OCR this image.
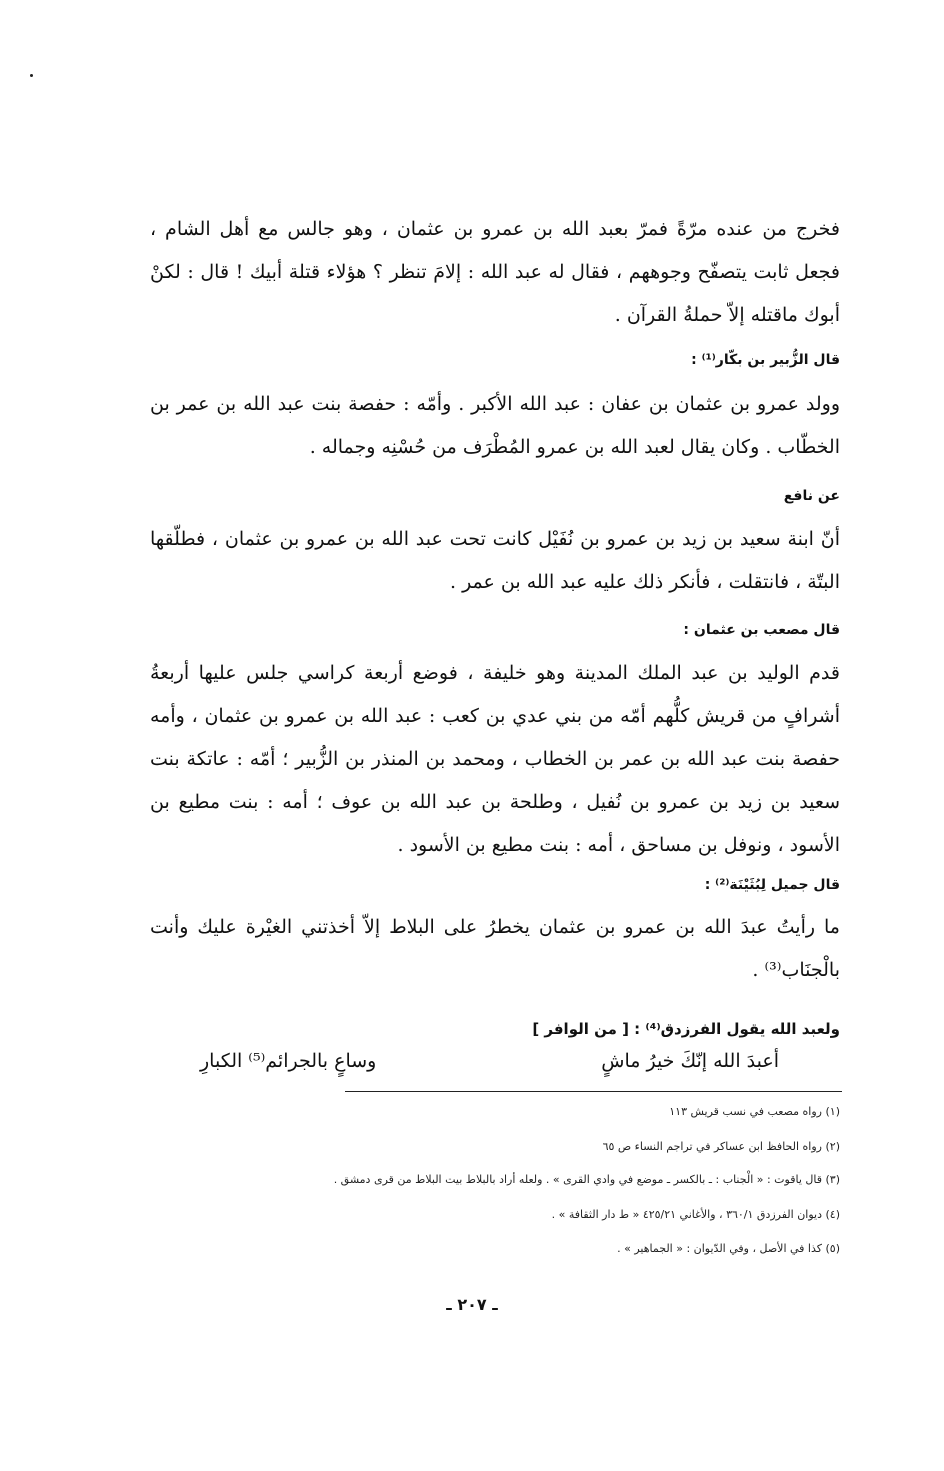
فخرج من عنده مرّةً فمرّ بعبد الله بن عمرو بن عثمان ، وهو جالس مع أهل الشام ، فجعل ثابت يتصفّح وجوههم ، فقال له عبد الله : إلامَ تنظر ؟ هؤلاء قتلة أبيك ! قال : لكنْ أبوك ماقتله إلاّ حملةُ القرآن .

قال الزُّبير بن بكّار⁽¹⁾ :

وولد عمرو بن عثمان بن عفان : عبد الله الأكبر . وأمّه : حفصة بنت عبد الله بن عمر بن الخطّاب . وكان يقال لعبد الله بن عمرو المُطْرَف من حُسْنِه وجماله .

عن نافع

أنّ ابنة سعيد بن زيد بن عمرو بن نُفَيْل كانت تحت عبد الله بن عمرو بن عثمان ، فطلّقها البتّة ، فانتقلت ، فأنكر ذلك عليه عبد الله بن عمر .

قال مصعب بن عثمان :

قدم الوليد بن عبد الملك المدينة وهو خليفة ، فوضع أربعة كراسي جلس عليها أربعةُ أشرافٍ من قريش كلُّهم أمّه من بني عدي بن كعب : عبد الله بن عمرو بن عثمان ، وأمه حفصة بنت عبد الله بن عمر بن الخطاب ، ومحمد بن المنذر بن الزُّبير ؛ أمّه : عاتكة بنت سعيد بن زيد بن عمرو بن نُفيل ، وطلحة بن عبد الله بن عوف ؛ أمه : بنت مطيع بن الأسود ، ونوفل بن مساحق ، أمه : بنت مطيع بن الأسود .

قال جميل لِبُثَيْنَة⁽²⁾ :

ما رأيتُ عبدَ الله بن عمرو بن عثمان يخطرُ على البلاط إلاّ أخذتني الغيْرة عليك وأنت بالْجنَاب⁽³⁾ .

ولعبد الله يقول الفرزدق⁽⁴⁾ : [ من الوافر ]
أعبدَ الله إنّكَ خيرُ ماشٍ
وساعٍ بالجرائم⁽⁵⁾ الكبارِ
(١) رواه مصعب في نسب قريش ١١٣
(٢) رواه الحافظ ابن عساكر في تراجم النساء ص ٦٥
(٣) قال ياقوت : « الْجناب : ـ بالكسر ـ موضع في وادي القرى » . ولعله أراد بالبلاط بيت البلاط من قرى دمشق .
(٤) ديوان الفرزدق ٣٦٠/١ ، والأغاني ٤٢٥/٢١ « ط دار الثقافة » .
(٥) كذا في الأصل ، وفي الدّيوان : « الجماهير » .
ـ ٢٠٧ ـ
